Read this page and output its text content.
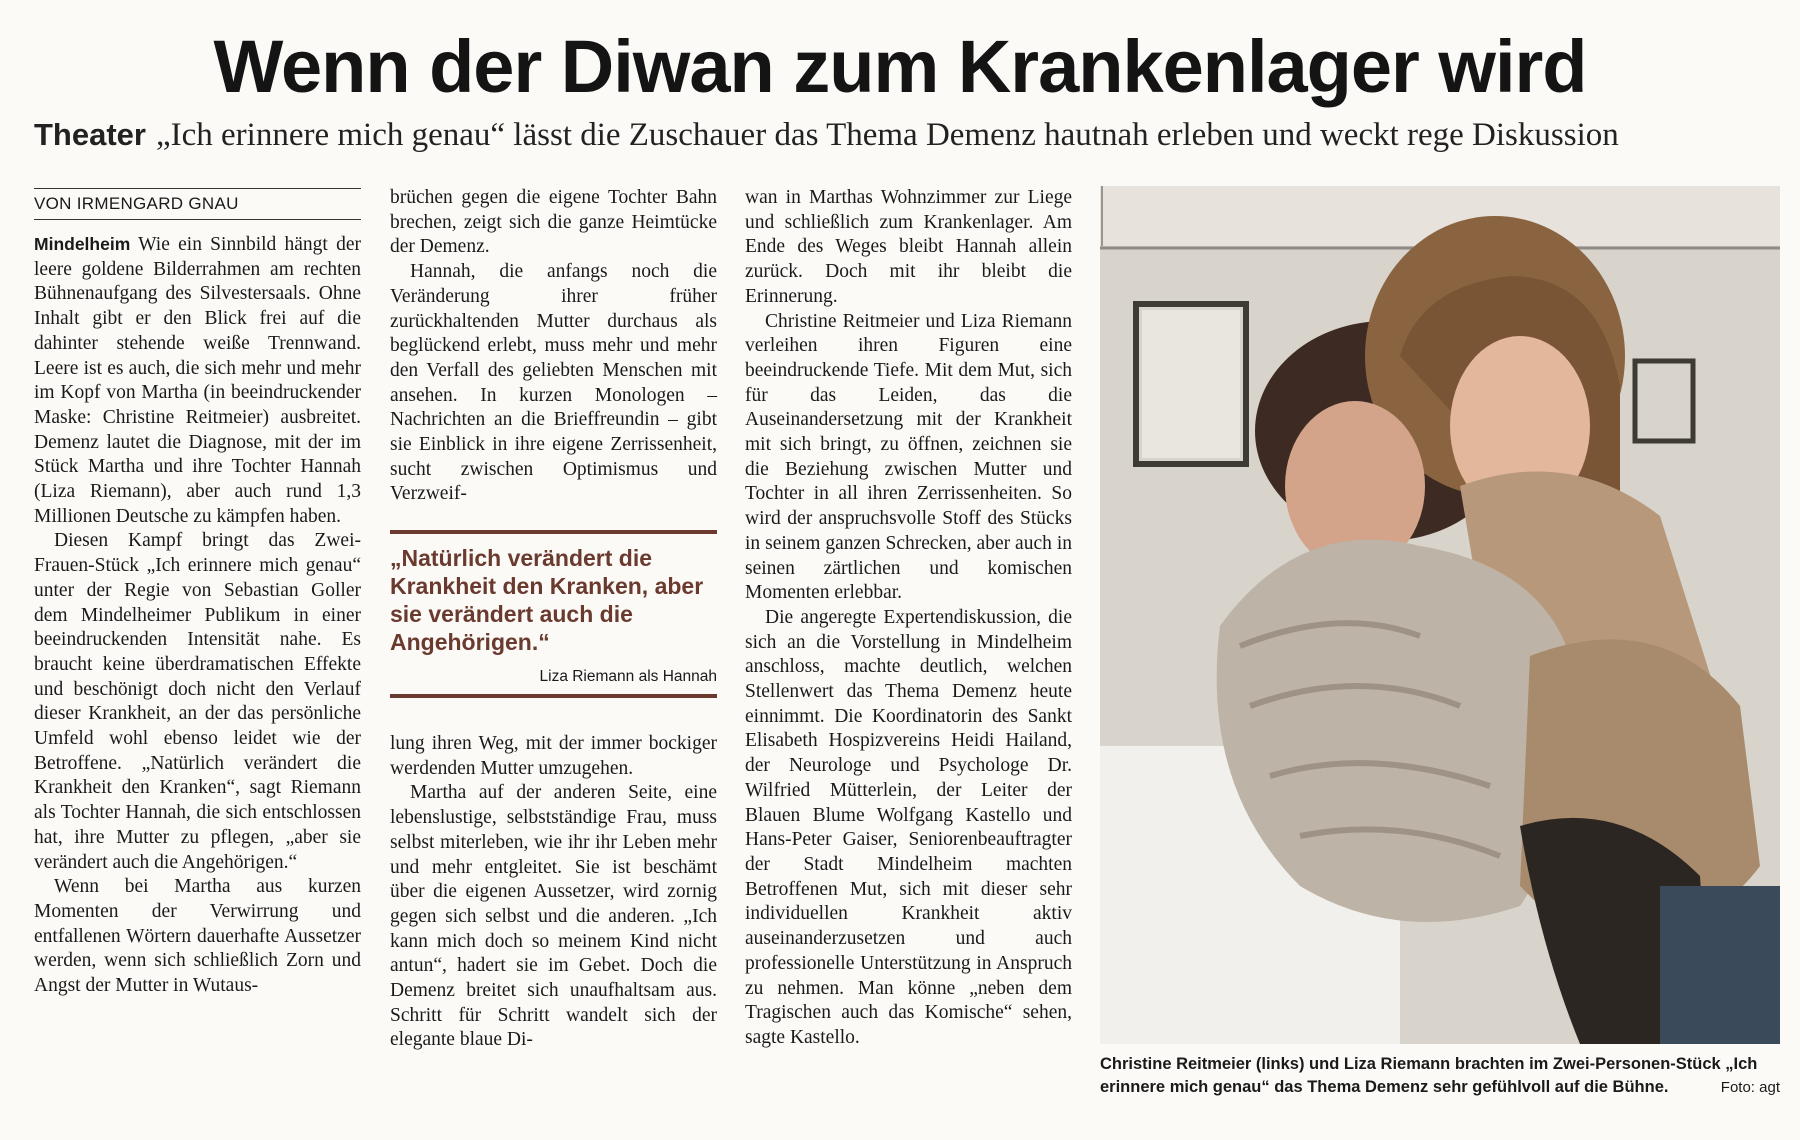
Wenn der Diwan zum Krankenlager wird
Theater „Ich erinnere mich genau“ lässt die Zuschauer das Thema Demenz hautnah erleben und weckt rege Diskussion
VON IRMENGARD GNAU

Mindelheim Wie ein Sinnbild hängt der leere goldene Bilderrahmen am rechten Bühnenaufgang des Silvestersaals. Ohne Inhalt gibt er den Blick frei auf die dahinter stehende weiße Trennwand. Leere ist es auch, die sich mehr und mehr im Kopf von Martha (in beeindruckender Maske: Christine Reitmeier) ausbreitet. Demenz lautet die Diagnose, mit der im Stück Martha und ihre Tochter Hannah (Liza Riemann), aber auch rund 1,3 Millionen Deutsche zu kämpfen haben.

Diesen Kampf bringt das Zwei-Frauen-Stück „Ich erinnere mich genau“ unter der Regie von Sebastian Goller dem Mindelheimer Publikum in einer beeindruckenden Intensität nahe. Es braucht keine überdramatischen Effekte und beschönigt doch nicht den Verlauf dieser Krankheit, an der das persönliche Umfeld wohl ebenso leidet wie der Betroffene. „Natürlich verändert die Krankheit den Kranken“, sagt Riemann als Tochter Hannah, die sich entschlossen hat, ihre Mutter zu pflegen, „aber sie verändert auch die Angehörigen.“

Wenn bei Martha aus kurzen Momenten der Verwirrung und entfallenen Wörtern dauerhafte Aussetzer werden, wenn sich schließlich Zorn und Angst der Mutter in Wutaus-

brüchen gegen die eigene Tochter Bahn brechen, zeigt sich die ganze Heimtücke der Demenz.

Hannah, die anfangs noch die Veränderung ihrer früher zurückhaltenden Mutter durchaus als beglückend erlebt, muss mehr und mehr den Verfall des geliebten Menschen mit ansehen. In kurzen Monologen – Nachrichten an die Brieffreundin – gibt sie Einblick in ihre eigene Zerrissenheit, sucht zwischen Optimismus und Verzweif-

„Natürlich verändert die Krankheit den Kranken, aber sie verändert auch die Angehörigen.“

Liza Riemann als Hannah

lung ihren Weg, mit der immer bockiger werdenden Mutter umzugehen.

Martha auf der anderen Seite, eine lebenslustige, selbstständige Frau, muss selbst miterleben, wie ihr ihr Leben mehr und mehr entgleitet. Sie ist beschämt über die eigenen Aussetzer, wird zornig gegen sich selbst und die anderen. „Ich kann mich doch so meinem Kind nicht antun“, hadert sie im Gebet. Doch die Demenz breitet sich unaufhaltsam aus. Schritt für Schritt wandelt sich der elegante blaue Di-

wan in Marthas Wohnzimmer zur Liege und schließlich zum Krankenlager. Am Ende des Weges bleibt Hannah allein zurück. Doch mit ihr bleibt die Erinnerung.

Christine Reitmeier und Liza Riemann verleihen ihren Figuren eine beeindruckende Tiefe. Mit dem Mut, sich für das Leiden, das die Auseinandersetzung mit der Krankheit mit sich bringt, zu öffnen, zeichnen sie die Beziehung zwischen Mutter und Tochter in all ihren Zerrissenheiten. So wird der anspruchsvolle Stoff des Stücks in seinem ganzen Schrecken, aber auch in seinen zärtlichen und komischen Momenten erlebbar.

Die angeregte Expertendiskussion, die sich an die Vorstellung in Mindelheim anschloss, machte deutlich, welchen Stellenwert das Thema Demenz heute einnimmt. Die Koordinatorin des Sankt Elisabeth Hospizvereins Heidi Hailand, der Neurologe und Psychologe Dr. Wilfried Mütterlein, der Leiter der Blauen Blume Wolfgang Kastello und Hans-Peter Gaiser, Seniorenbeauftragter der Stadt Mindelheim machten Betroffenen Mut, sich mit dieser sehr individuellen Krankheit aktiv auseinanderzusetzen und auch professionelle Unterstützung in Anspruch zu nehmen. Man könne „neben dem Tragischen auch das Komische“ sehen, sagte Kastello.

Christine Reitmeier (links) und Liza Riemann brachten im Zwei-Personen-Stück „Ich erinnere mich genau“ das Thema Demenz sehr gefühlvoll auf die Bühne.	Foto: agt
